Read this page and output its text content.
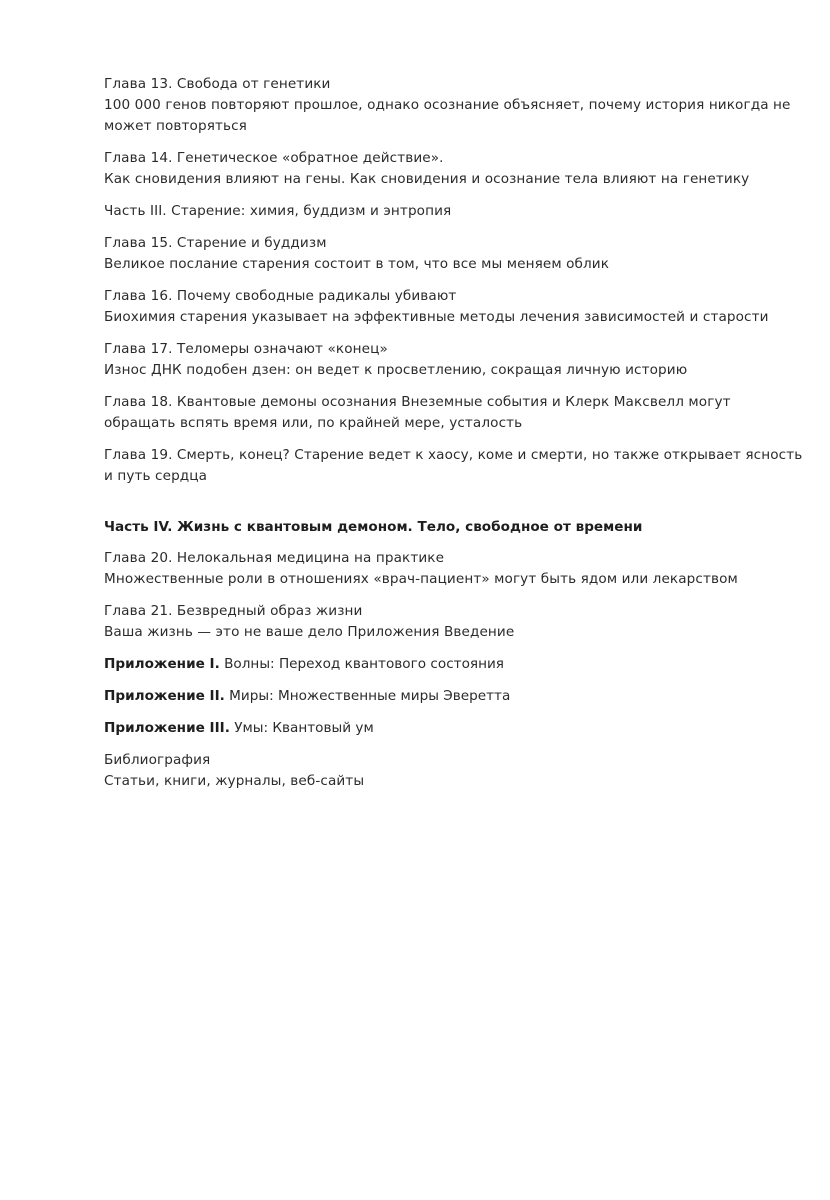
Глава 13. Свобода от генетики
100 000 генов повторяют прошлое, однако осознание объясняет, почему история никогда не может повторяться
Глава 14. Генетическое «обратное действие».
Как сновидения влияют на гены. Как сновидения и осознание тела влияют на генетику
Часть III. Старение: химия, буддизм и энтропия
Глава 15. Старение и буддизм
Великое послание старения состоит в том, что все мы меняем облик
Глава 16. Почему свободные радикалы убивают
Биохимия старения указывает на эффективные методы лечения зависимостей и старости
Глава 17. Теломеры означают «конец»
Износ ДНК подобен дзен: он ведет к просветлению, сокращая личную историю
Глава 18. Квантовые демоны осознания Внеземные события и Клерк Максвелл могут обращать вспять время или, по крайней мере, усталость
Глава 19. Смерть, конец? Старение ведет к хаосу, коме и смерти, но также открывает ясность и путь сердца
Часть IV. Жизнь с квантовым демоном. Тело, свободное от времени
Глава 20. Нелокальная медицина на практике
Множественные роли в отношениях «врач-пациент» могут быть ядом или лекарством
Глава 21. Безвредный образ жизни
Ваша жизнь — это не ваше дело Приложения Введение
Приложение I. Волны: Переход квантового состояния
Приложение II. Миры: Множественные миры Эверетта
Приложение III. Умы: Квантовый ум
Библиография
Статьи, книги, журналы, веб-сайты
